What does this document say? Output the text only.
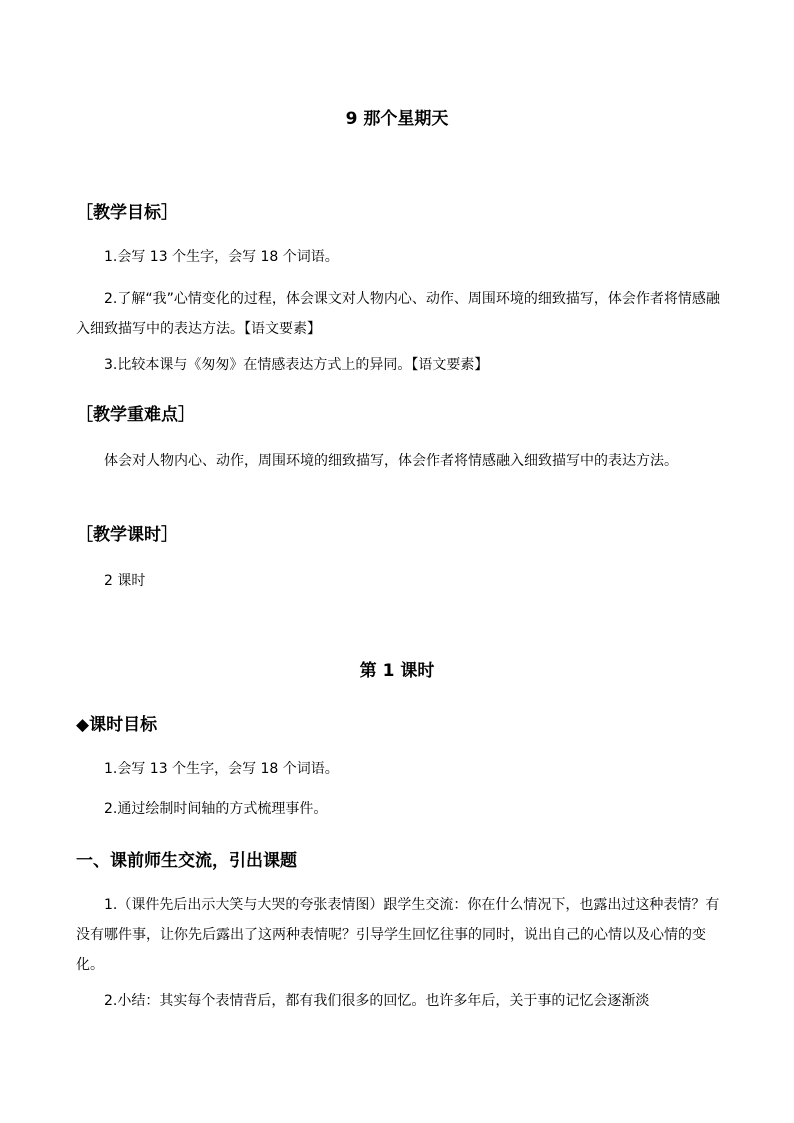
9 那个星期天
［教学目标］

1.会写 13 个生字，会写 18 个词语。

2.了解“我”心情变化的过程，体会课文对人物内心、动作、周围环境的细致描写，体会作者将情感融入细致描写中的表达方法。【语文要素】

3.比较本课与《匆匆》在情感表达方式上的异同。【语文要素】

［教学重难点］

体会对人物内心、动作，周围环境的细致描写，体会作者将情感融入细致描写中的表达方法。

［教学课时］

2 课时

第 1 课时
◆课时目标

1.会写 13 个生字，会写 18 个词语。

2.通过绘制时间轴的方式梳理事件。

一、课前师生交流，引出课题

1.（课件先后出示大笑与大哭的夸张表情图）跟学生交流：你在什么情况下，也露出过这种表情？有没有哪件事，让你先后露出了这两种表情呢？引导学生回忆往事的同时，说出自己的心情以及心情的变化。

2.小结：其实每个表情背后，都有我们很多的回忆。也许多年后，关于事的记忆会逐渐淡
